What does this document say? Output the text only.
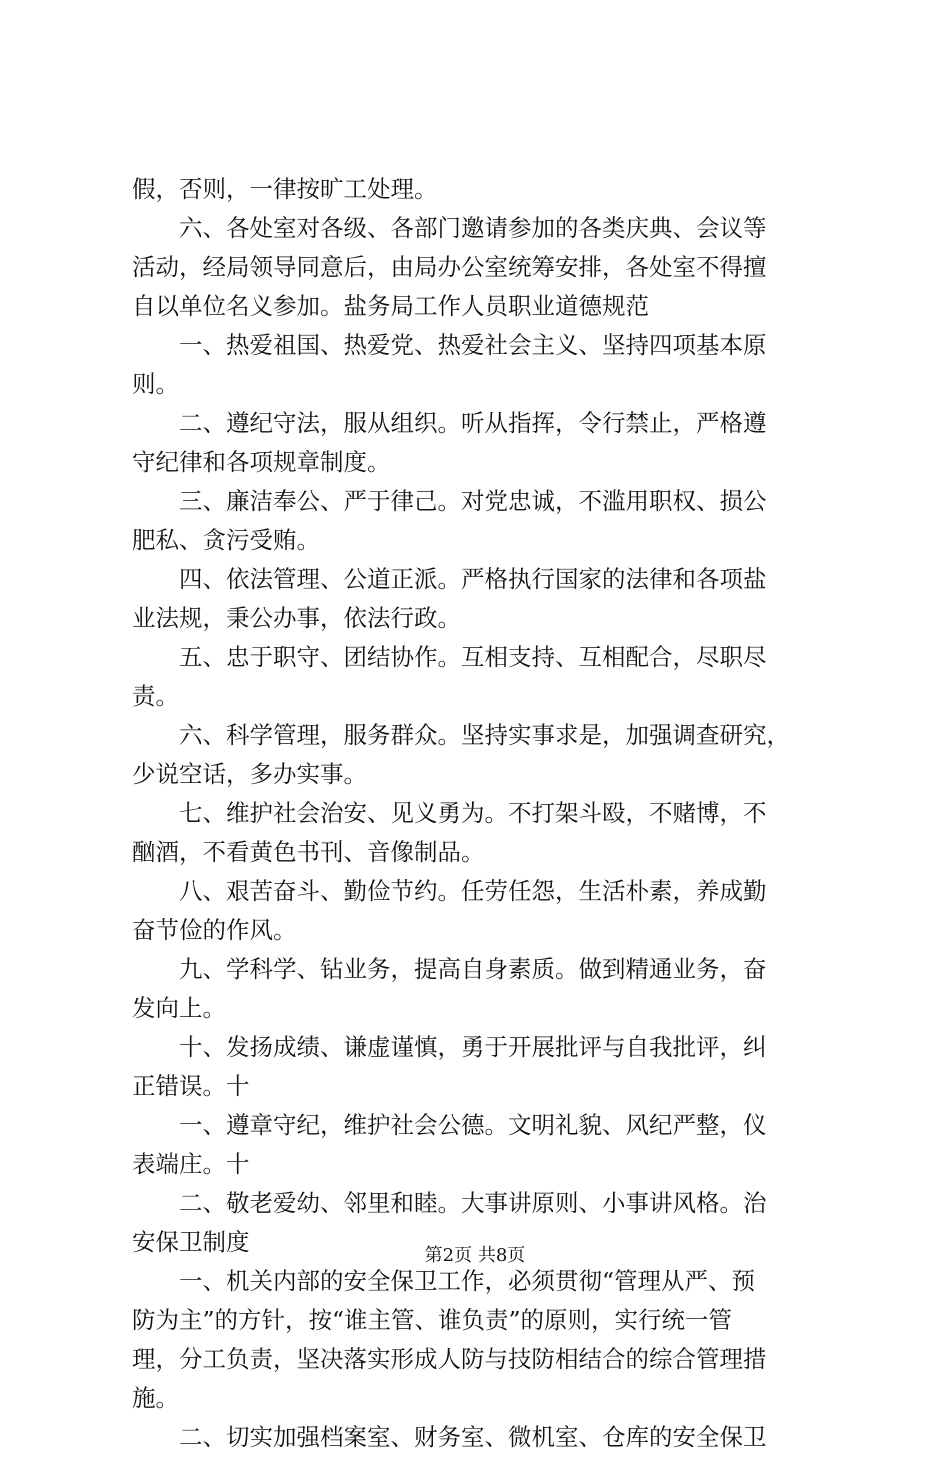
假，否则，一律按旷工处理。
　　六、各处室对各级、各部门邀请参加的各类庆典、会议等
活动，经局领导同意后，由局办公室统筹安排，各处室不得擅
自以单位名义参加。盐务局工作人员职业道德规范
　　一、热爱祖国、热爱党、热爱社会主义、坚持四项基本原
则。
　　二、遵纪守法，服从组织。听从指挥，令行禁止，严格遵
守纪律和各项规章制度。
　　三、廉洁奉公、严于律己。对党忠诚，不滥用职权、损公
肥私、贪污受贿。
　　四、依法管理、公道正派。严格执行国家的法律和各项盐
业法规，秉公办事，依法行政。
　　五、忠于职守、团结协作。互相支持、互相配合，尽职尽
责。
　　六、科学管理，服务群众。坚持实事求是，加强调查研究，
少说空话，多办实事。
　　七、维护社会治安、见义勇为。不打架斗殴，不赌博，不
酗酒，不看黄色书刊、音像制品。
　　八、艰苦奋斗、勤俭节约。任劳任怨，生活朴素，养成勤
奋节俭的作风。
　　九、学科学、钻业务，提高自身素质。做到精通业务，奋
发向上。
　　十、发扬成绩、谦虚谨慎，勇于开展批评与自我批评，纠
正错误。十
　　一、遵章守纪，维护社会公德。文明礼貌、风纪严整，仪
表端庄。十
　　二、敬老爱幼、邻里和睦。大事讲原则、小事讲风格。治
安保卫制度
　　一、机关内部的安全保卫工作，必须贯彻“管理从严、预
防为主”的方针，按“谁主管、谁负责”的原则，实行统一管
理，分工负责，坚决落实形成人防与技防相结合的综合管理措
施。
　　二、切实加强档案室、财务室、微机室、仓库的安全保卫
第2页 共8页
